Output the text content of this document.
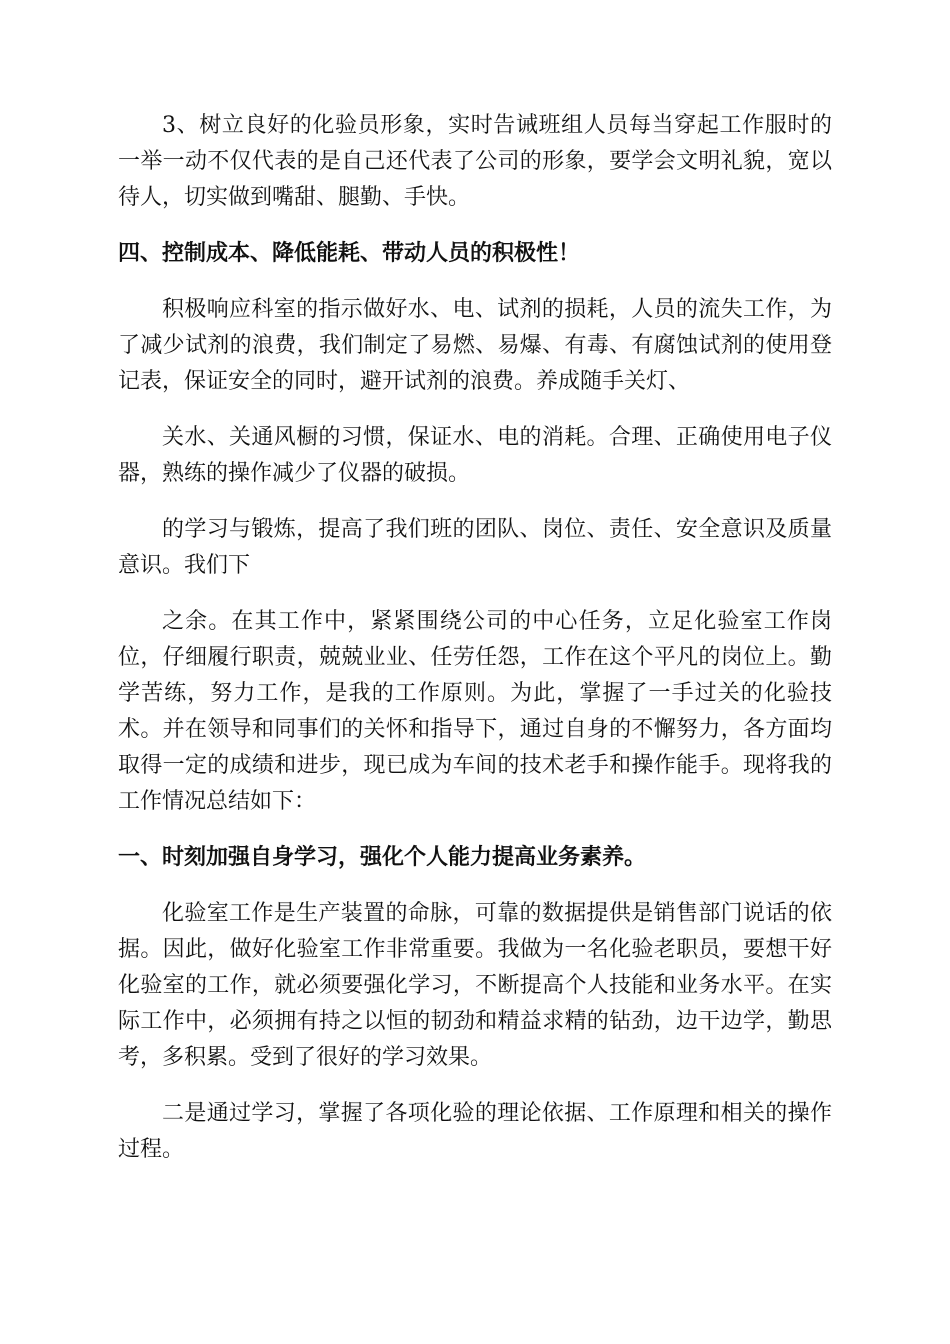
3、树立良好的化验员形象，实时告诫班组人员每当穿起工作服时的一举一动不仅代表的是自己还代表了公司的形象，要学会文明礼貌，宽以待人，切实做到嘴甜、腿勤、手快。

四、控制成本、降低能耗、带动人员的积极性！

积极响应科室的指示做好水、电、试剂的损耗，人员的流失工作，为了减少试剂的浪费，我们制定了易燃、易爆、有毒、有腐蚀试剂的使用登记表，保证安全的同时，避开试剂的浪费。养成随手关灯、

关水、关通风橱的习惯，保证水、电的消耗。合理、正确使用电子仪器，熟练的操作减少了仪器的破损。

的学习与锻炼，提高了我们班的团队、岗位、责任、安全意识及质量意识。我们下

之余。在其工作中，紧紧围绕公司的中心任务，立足化验室工作岗位，仔细履行职责，兢兢业业、任劳任怨，工作在这个平凡的岗位上。勤学苦练，努力工作，是我的工作原则。为此，掌握了一手过关的化验技术。并在领导和同事们的关怀和指导下，通过自身的不懈努力，各方面均取得一定的成绩和进步，现已成为车间的技术老手和操作能手。现将我的工作情况总结如下：

一、时刻加强自身学习，强化个人能力提高业务素养。

化验室工作是生产装置的命脉，可靠的数据提供是销售部门说话的依据。因此，做好化验室工作非常重要。我做为一名化验老职员，要想干好化验室的工作，就必须要强化学习，不断提高个人技能和业务水平。在实际工作中，必须拥有持之以恒的韧劲和精益求精的钻劲，边干边学，勤思考，多积累。受到了很好的学习效果。

二是通过学习，掌握了各项化验的理论依据、工作原理和相关的操作过程。
